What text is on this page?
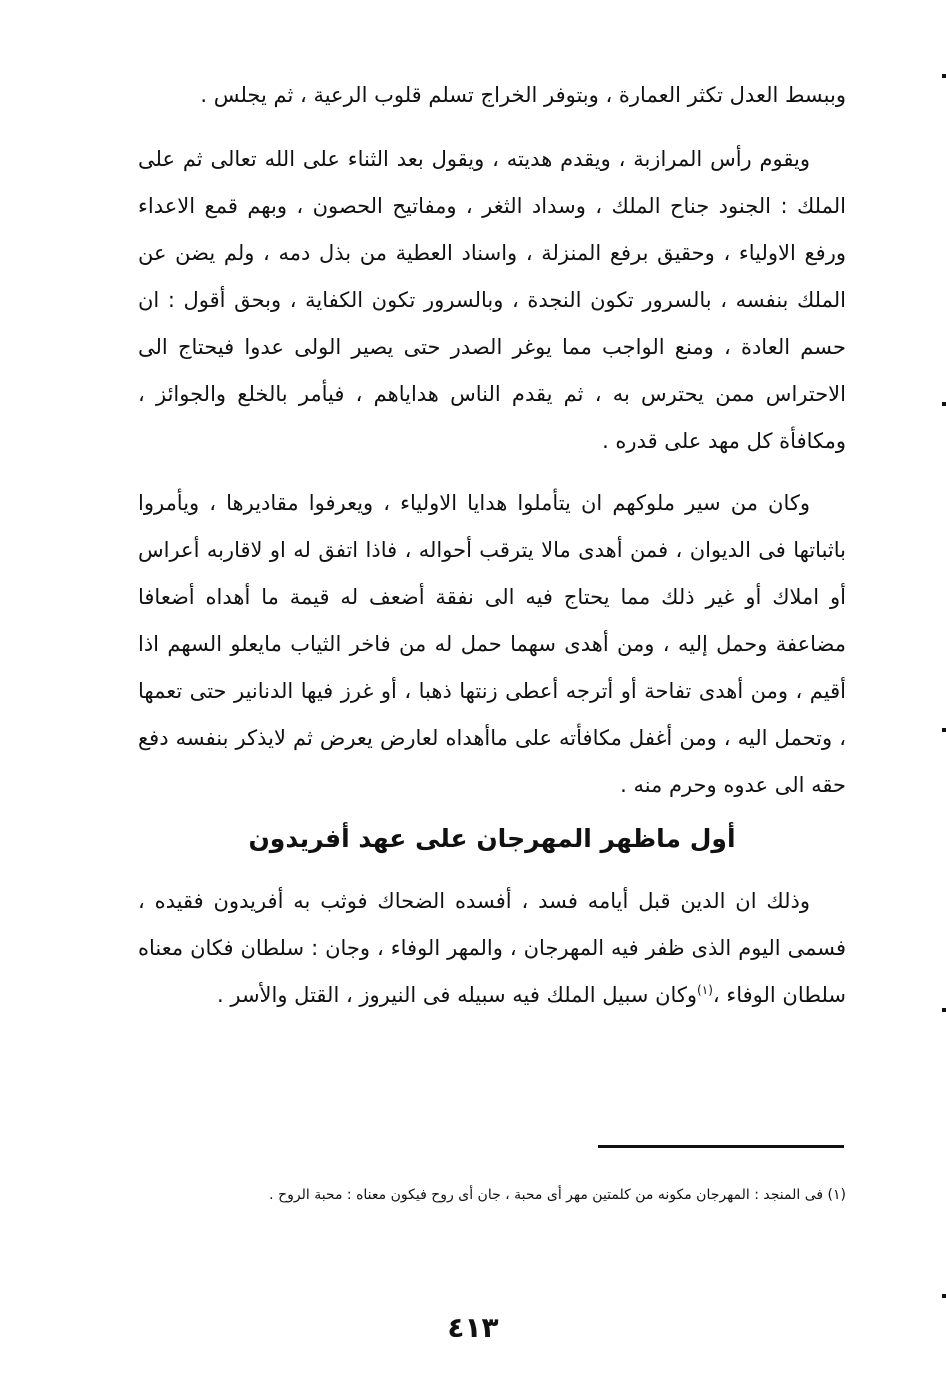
وببسط العدل تكثر العمارة ، وبتوفر الخراج تسلم قلوب الرعية ، ثم يجلس .

ويقوم رأس المرازبة ، ويقدم هديته ، ويقول بعد الثناء على الله تعالى ثم على الملك : الجنود جناح الملك ، وسداد الثغر ، ومفاتيح الحصون ، وبهم قمع الاعداء ورفع الاولياء ، وحقيق برفع المنزلة ، واسناد العطية من بذل دمه ، ولم يضن عن الملك بنفسه ، بالسرور تكون النجدة ، وبالسرور تكون الكفاية ، وبحق أقول : ان حسم العادة ، ومنع الواجب مما يوغر الصدر حتى يصير الولى عدوا فيحتاج الى الاحتراس ممن يحترس به ، ثم يقدم الناس هداياهم ، فيأمر بالخلع والجوائز ، ومكافأة كل مهد على قدره .

وكان من سير ملوكهم ان يتأملوا هدايا الاولياء ، ويعرفوا مقاديرها ، ويأمروا باثباتها فى الديوان ، فمن أهدى مالا يترقب أحواله ، فاذا اتفق له او لاقاربه أعراس أو املاك أو غير ذلك مما يحتاج فيه الى نفقة أضعف له قيمة ما أهداه أضعافا مضاعفة وحمل إليه ، ومن أهدى سهما حمل له من فاخر الثياب مايعلو السهم اذا أقيم ، ومن أهدى تفاحة أو أترجه أعطى زنتها ذهبا ، أو غرز فيها الدنانير حتى تعمها ، وتحمل اليه ، ومن أغفل مكافأته على ماأهداه لعارض يعرض ثم لايذكر بنفسه دفع حقه الى عدوه وحرم منه .

أول ماظهر المهرجان على عهد أفريدون

وذلك ان الدين قبل أيامه فسد ، أفسده الضحاك فوثب به أفريدون فقيده ، فسمى اليوم الذى ظفر فيه المهرجان ، والمهر الوفاء ، وجان : سلطان فكان معناه سلطان الوفاء ،$^{(١)}$وكان سبيل الملك فيه سبيله فى النيروز ، القتل والأسر .

(١) فى المنجد : المهرجان مكونه من كلمتين مهر أى محبة ، جان أى روح فيكون معناه : محبة الروح .
٤١٣
